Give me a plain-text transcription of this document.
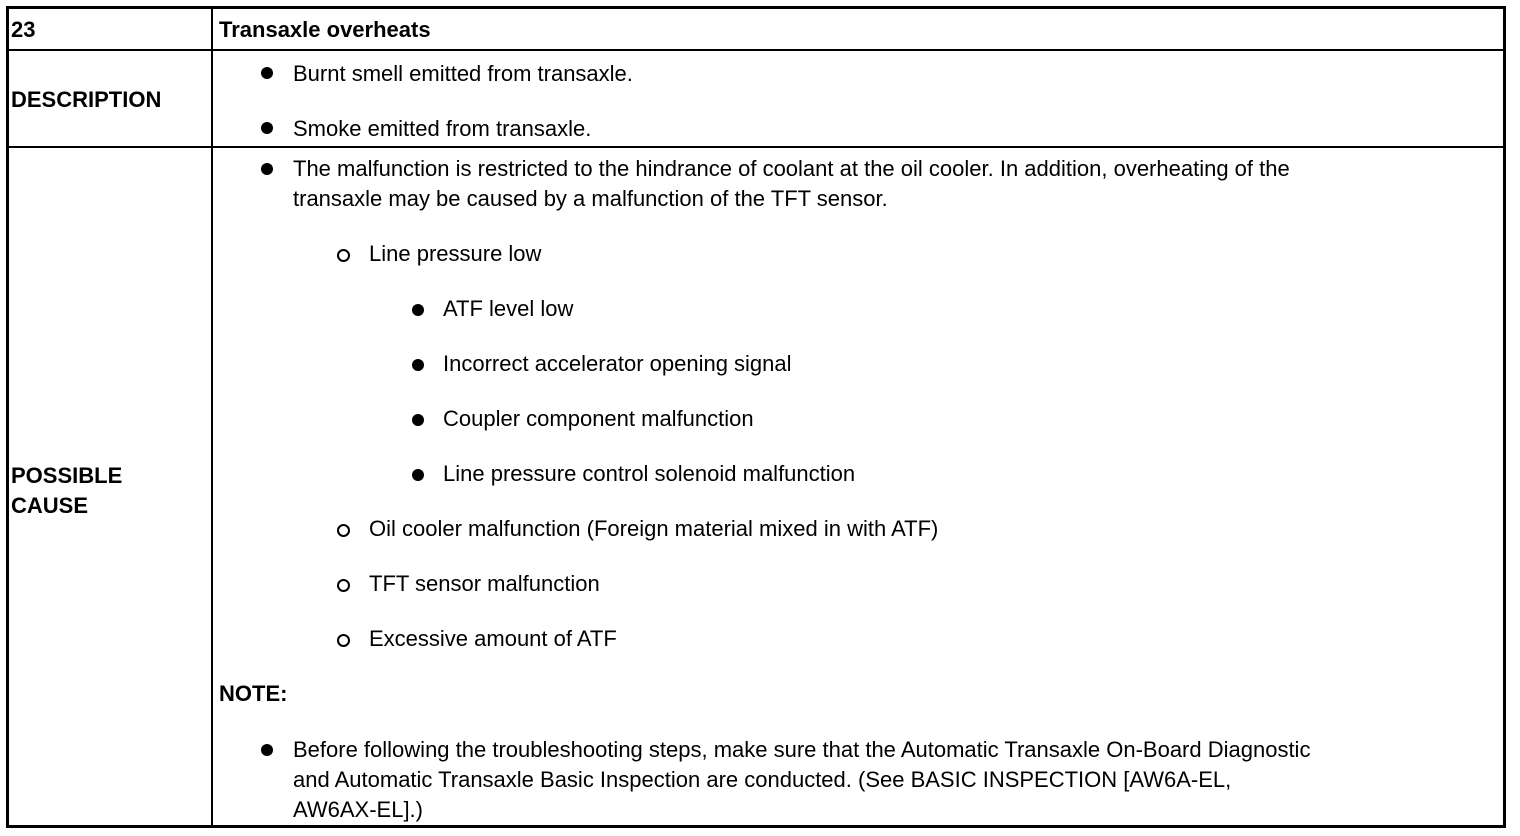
23	Transaxle overheats
DESCRIPTION
Burnt smell emitted from transaxle.
Smoke emitted from transaxle.
POSSIBLE
CAUSE
The malfunction is restricted to the hindrance of coolant at the oil cooler. In addition, overheating of the
transaxle may be caused by a malfunction of the TFT sensor.
Line pressure low
ATF level low
Incorrect accelerator opening signal
Coupler component malfunction
Line pressure control solenoid malfunction
Oil cooler malfunction (Foreign material mixed in with ATF)
TFT sensor malfunction
Excessive amount of ATF
NOTE:
Before following the troubleshooting steps, make sure that the Automatic Transaxle On-Board Diagnostic
and Automatic Transaxle Basic Inspection are conducted. (See BASIC INSPECTION [AW6A-EL,
AW6AX-EL].)
